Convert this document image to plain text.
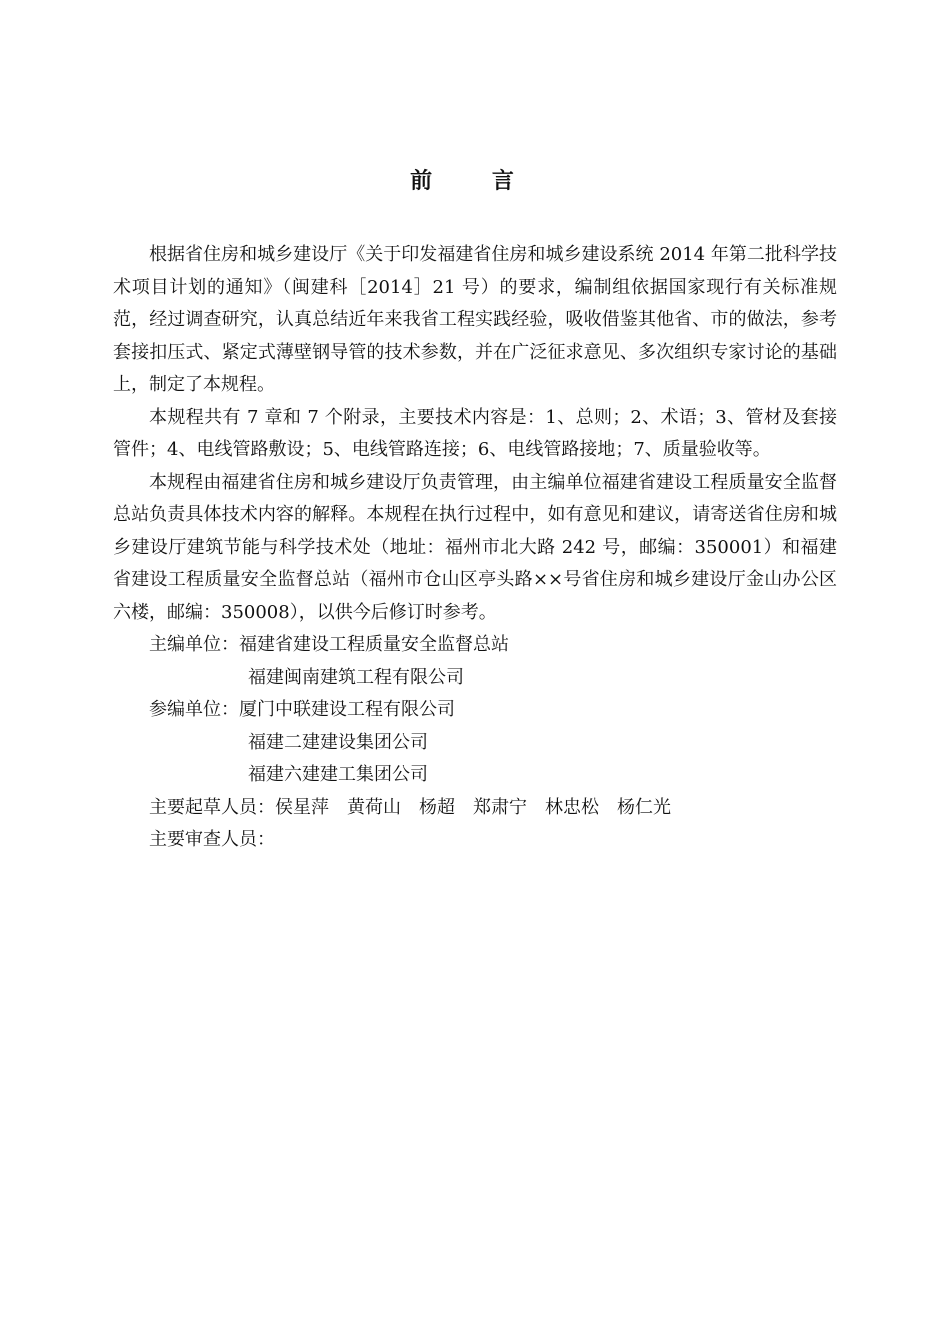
前 言

根据省住房和城乡建设厅《关于印发福建省住房和城乡建设系统 2014 年第二批科学技术项目计划的通知》（闽建科［2014］21 号）的要求，编制组依据国家现行有关标准规范，经过调查研究，认真总结近年来我省工程实践经验，吸收借鉴其他省、市的做法，参考套接扣压式、紧定式薄壁钢导管的技术参数，并在广泛征求意见、多次组织专家讨论的基础上，制定了本规程。

本规程共有 7 章和 7 个附录，主要技术内容是：1、总则；2、术语；3、管材及套接管件；4、电线管路敷设；5、电线管路连接；6、电线管路接地；7、质量验收等。

本规程由福建省住房和城乡建设厅负责管理，由主编单位福建省建设工程质量安全监督总站负责具体技术内容的解释。本规程在执行过程中，如有意见和建议，请寄送省住房和城乡建设厅建筑节能与科学技术处（地址：福州市北大路 242 号，邮编：350001）和福建省建设工程质量安全监督总站（福州市仓山区亭头路××号省住房和城乡建设厅金山办公区六楼，邮编：350008），以供今后修订时参考。

主编单位：福建省建设工程质量安全监督总站

福建闽南建筑工程有限公司

参编单位：厦门中联建设工程有限公司

福建二建建设集团公司

福建六建建工集团公司

主要起草人员：侯星萍 黄荷山 杨超 郑肃宁 林忠松 杨仁光

主要审查人员：
